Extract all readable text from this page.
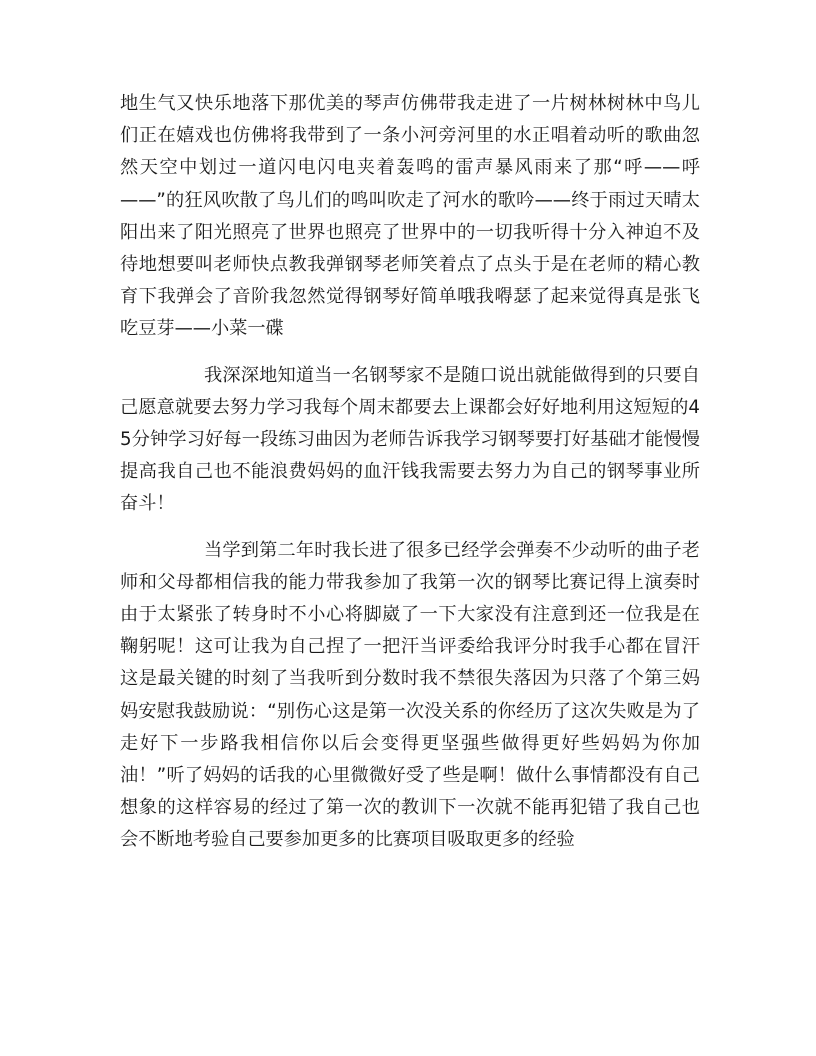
地生气又快乐地落下那优美的琴声仿佛带我走进了一片树林树林中鸟儿们正在嬉戏也仿佛将我带到了一条小河旁河里的水正唱着动听的歌曲忽然天空中划过一道闪电闪电夹着轰鸣的雷声暴风雨来了那“呼——呼——”的狂风吹散了鸟儿们的鸣叫吹走了河水的歌吟——终于雨过天晴太阳出来了阳光照亮了世界也照亮了世界中的一切我听得十分入神迫不及待地想要叫老师快点教我弹钢琴老师笑着点了点头于是在老师的精心教育下我弹会了音阶我忽然觉得钢琴好简单哦我嘚瑟了起来觉得真是张飞吃豆芽——小菜一碟

我深深地知道当一名钢琴家不是随口说出就能做得到的只要自己愿意就要去努力学习我每个周末都要去上课都会好好地利用这短短的45分钟学习好每一段练习曲因为老师告诉我学习钢琴要打好基础才能慢慢提高我自己也不能浪费妈妈的血汗钱我需要去努力为自己的钢琴事业所奋斗！

当学到第二年时我长进了很多已经学会弹奏不少动听的曲子老师和父母都相信我的能力带我参加了我第一次的钢琴比赛记得上演奏时由于太紧张了转身时不小心将脚崴了一下大家没有注意到还一位我是在鞠躬呢！这可让我为自己捏了一把汗当评委给我评分时我手心都在冒汗这是最关键的时刻了当我听到分数时我不禁很失落因为只落了个第三妈妈安慰我鼓励说：“别伤心这是第一次没关系的你经历了这次失败是为了走好下一步路我相信你以后会变得更坚强些做得更好些妈妈为你加油！”听了妈妈的话我的心里微微好受了些是啊！做什么事情都没有自己想象的这样容易的经过了第一次的教训下一次就不能再犯错了我自己也会不断地考验自己要参加更多的比赛项目吸取更多的经验
